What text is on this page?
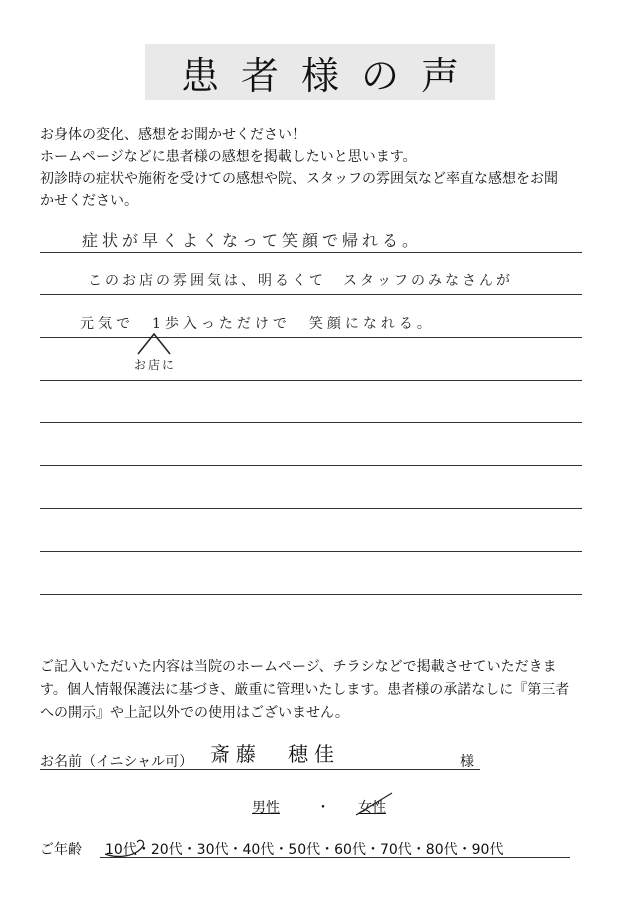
患者様の声

お身体の変化、感想をお聞かせください！

ホームページなどに患者様の感想を掲載したいと思います。

初診時の症状や施術を受けての感想や院、スタッフの雰囲気など率直な感想をお聞

かせください。

症状が早くよくなって笑顔で帰れる。
このお店の雰囲気は、明るくて　スタッフのみなさんが
元気で　1歩入っただけで　笑顔になれる。
お店に

ご記入いただいた内容は当院のホームページ、チラシなどで掲載させていただきま

す。個人情報保護法に基づき、厳重に管理いたします。患者様の承諾なしに『第三者

への開示』や上記以外での使用はございません。

お名前（イニシャル可） 斎藤　穂佳	様
男性	・ 女性
ご年齢 10代・20代・30代・40代・50代・60代・70代・80代・90代
